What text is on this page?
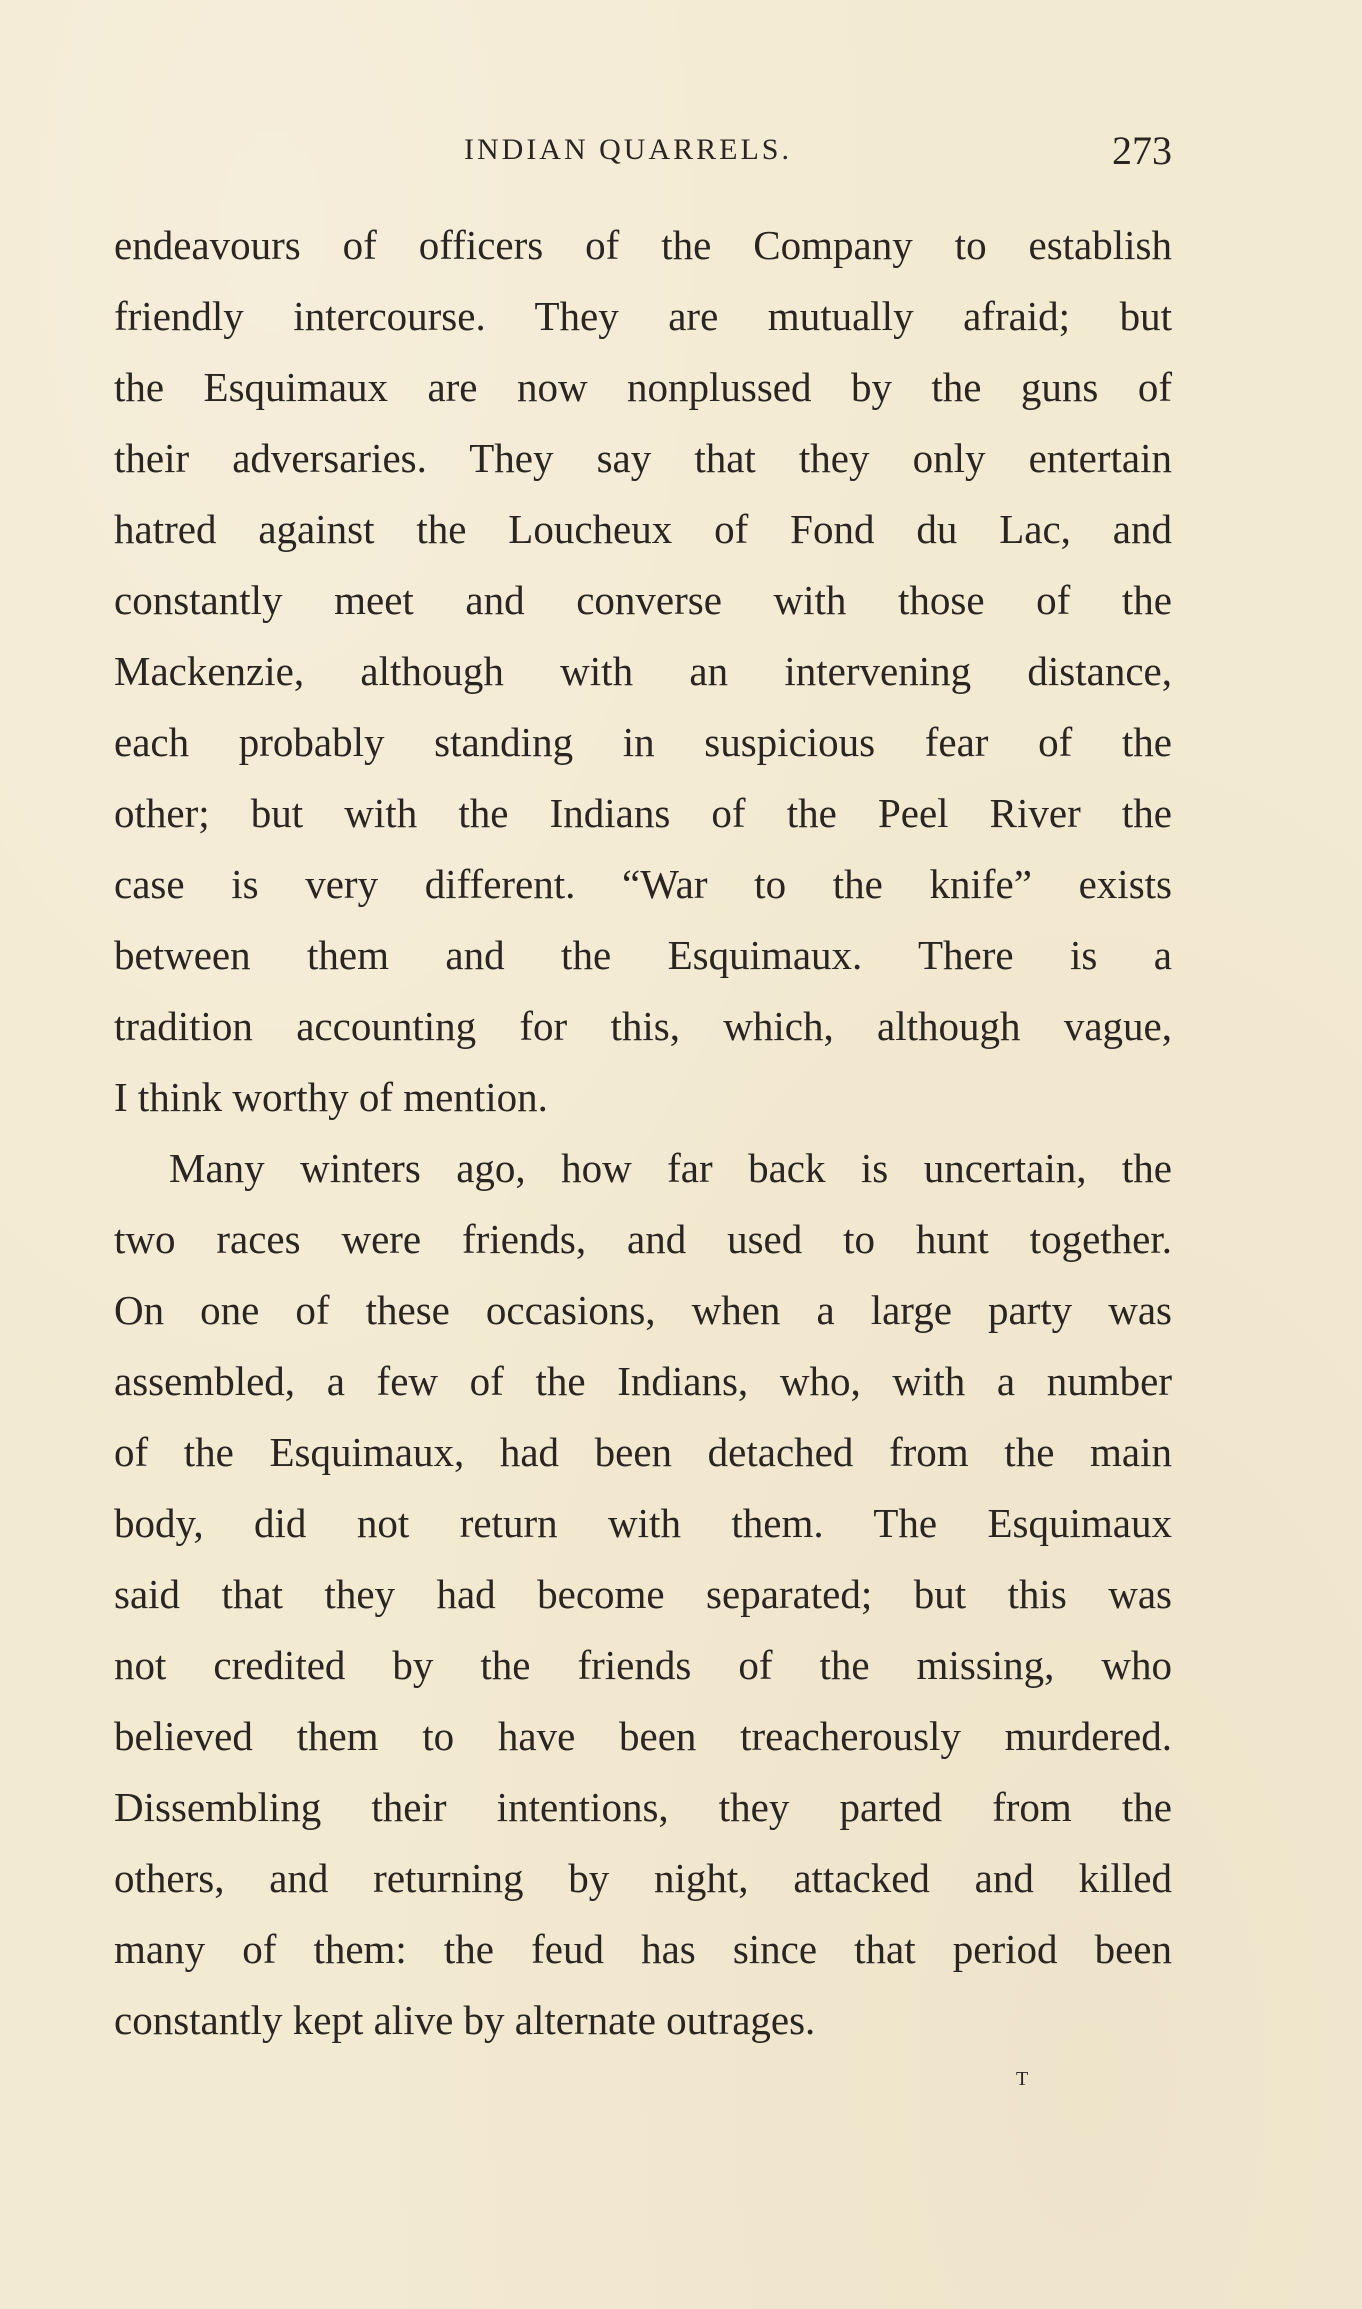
INDIAN QUARRELS.	273
endeavours of officers of the Company to establish
friendly intercourse. They are mutually afraid; but
the Esquimaux are now nonplussed by the guns of
their adversaries. They say that they only entertain
hatred against the Loucheux of Fond du Lac, and
constantly meet and converse with those of the
Mackenzie, although with an intervening distance,
each probably standing in suspicious fear of the
other; but with the Indians of the Peel River the
case is very different. “War to the knife” exists
between them and the Esquimaux. There is a
tradition accounting for this, which, although vague,
I think worthy of mention.
Many winters ago, how far back is uncertain, the
two races were friends, and used to hunt together.
On one of these occasions, when a large party was
assembled, a few of the Indians, who, with a number
of the Esquimaux, had been detached from the main
body, did not return with them. The Esquimaux
said that they had become separated; but this was
not credited by the friends of the missing, who
believed them to have been treacherously murdered.
Dissembling their intentions, they parted from the
others, and returning by night, attacked and killed
many of them: the feud has since that period been
constantly kept alive by alternate outrages.
T
